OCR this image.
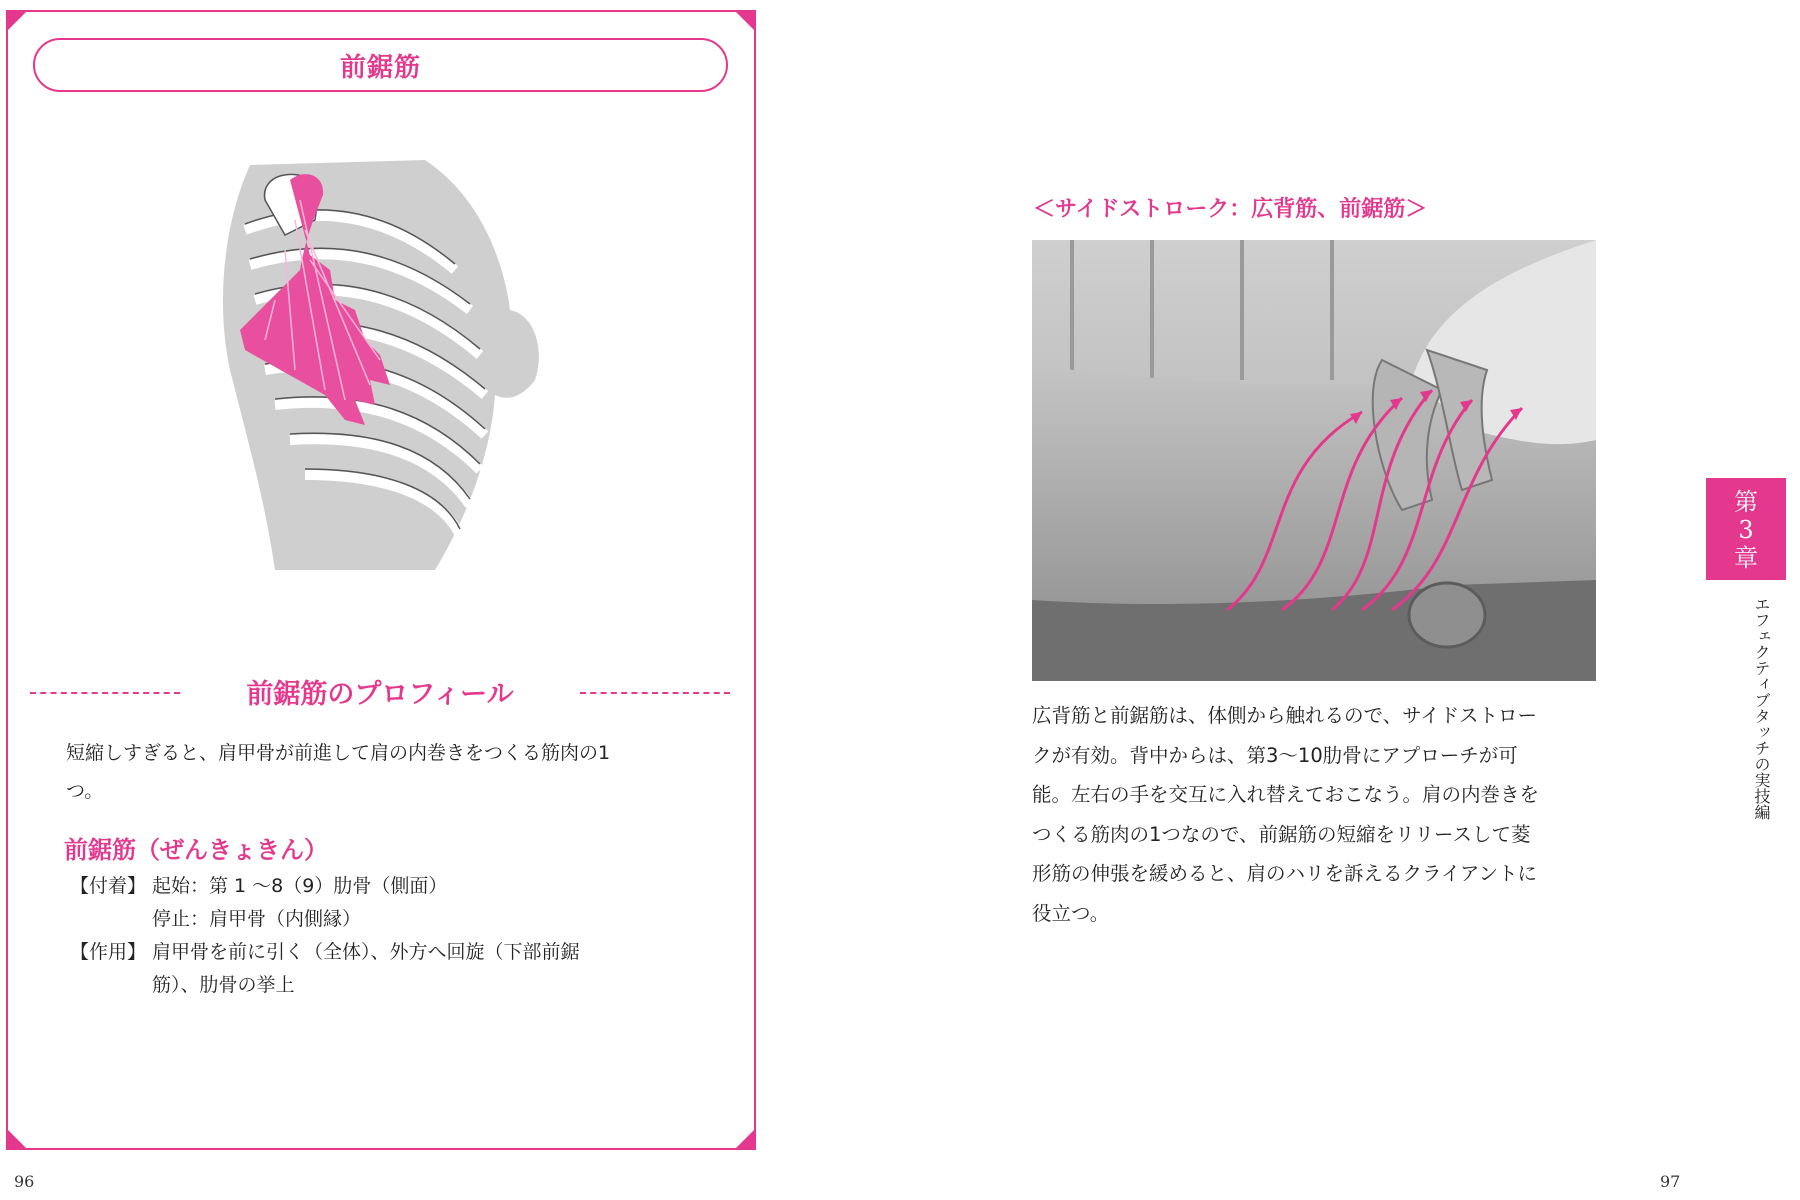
前鋸筋
前鋸筋のプロフィール
短縮しすぎると、肩甲骨が前進して肩の内巻きをつくる筋肉の1
つ。
前鋸筋（ぜんきょきん）
【付着】 起始：第 1 〜8（9）肋骨（側面）
停止：肩甲骨（内側縁）
【作用】 肩甲骨を前に引く（全体）、外方へ回旋（下部前鋸
筋）、肋骨の挙上
96
＜サイドストローク：広背筋、前鋸筋＞
広背筋と前鋸筋は、体側から触れるので、サイドストロー
クが有効。背中からは、第3〜10肋骨にアプローチが可
能。左右の手を交互に入れ替えておこなう。肩の内巻きを
つくる筋肉の1つなので、前鋸筋の短縮をリリースして菱
形筋の伸張を緩めると、肩のハリを訴えるクライアントに
役立つ。
第
3
章
エフェクティブタッチの実技編
97
